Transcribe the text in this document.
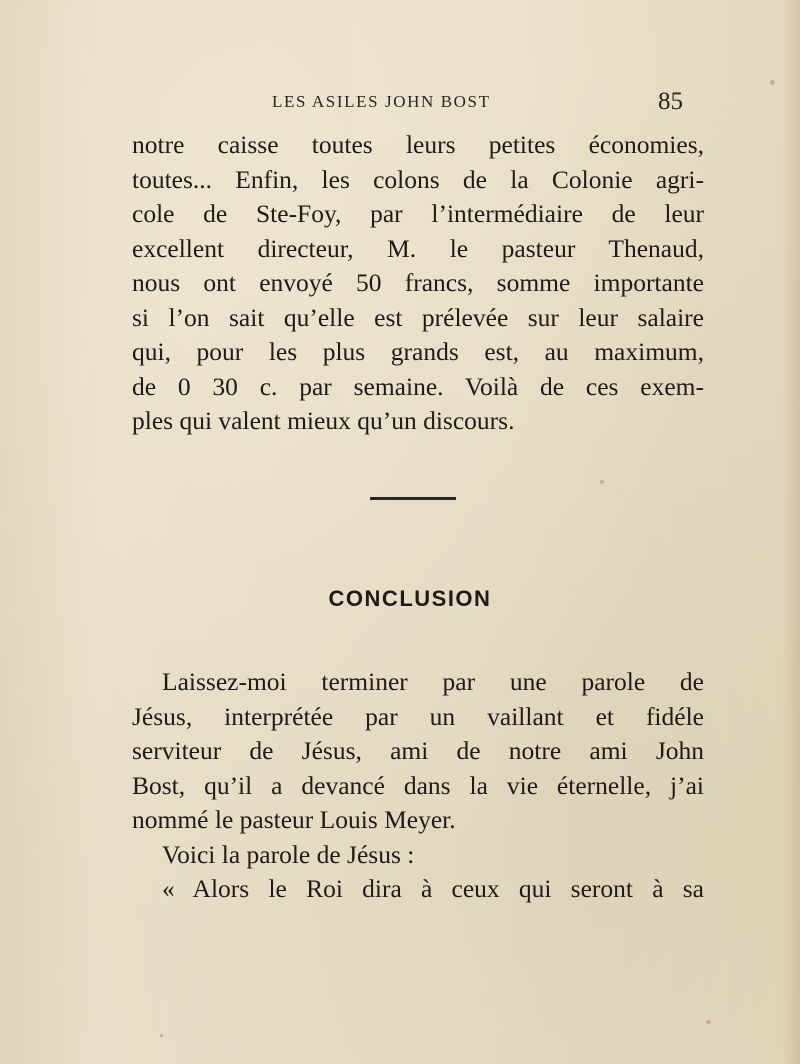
LES ASILES JOHN BOST	85
notre caisse toutes leurs petites économies,
toutes... Enfin, les colons de la Colonie agri-
cole de Ste-Foy, par l’intermédiaire de leur
excellent directeur, M. le pasteur Thenaud,
nous ont envoyé 50 francs, somme importante
si l’on sait qu’elle est prélevée sur leur salaire
qui, pour les plus grands est, au maximum,
de 0 30 c. par semaine. Voilà de ces exem-
ples qui valent mieux qu’un discours.
CONCLUSION
Laissez-moi terminer par une parole de
Jésus, interprétée par un vaillant et fidéle
serviteur de Jésus, ami de notre ami John
Bost, qu’il a devancé dans la vie éternelle, j’ai
nommé le pasteur Louis Meyer.
Voici la parole de Jésus :
« Alors le Roi dira à ceux qui seront à sa
